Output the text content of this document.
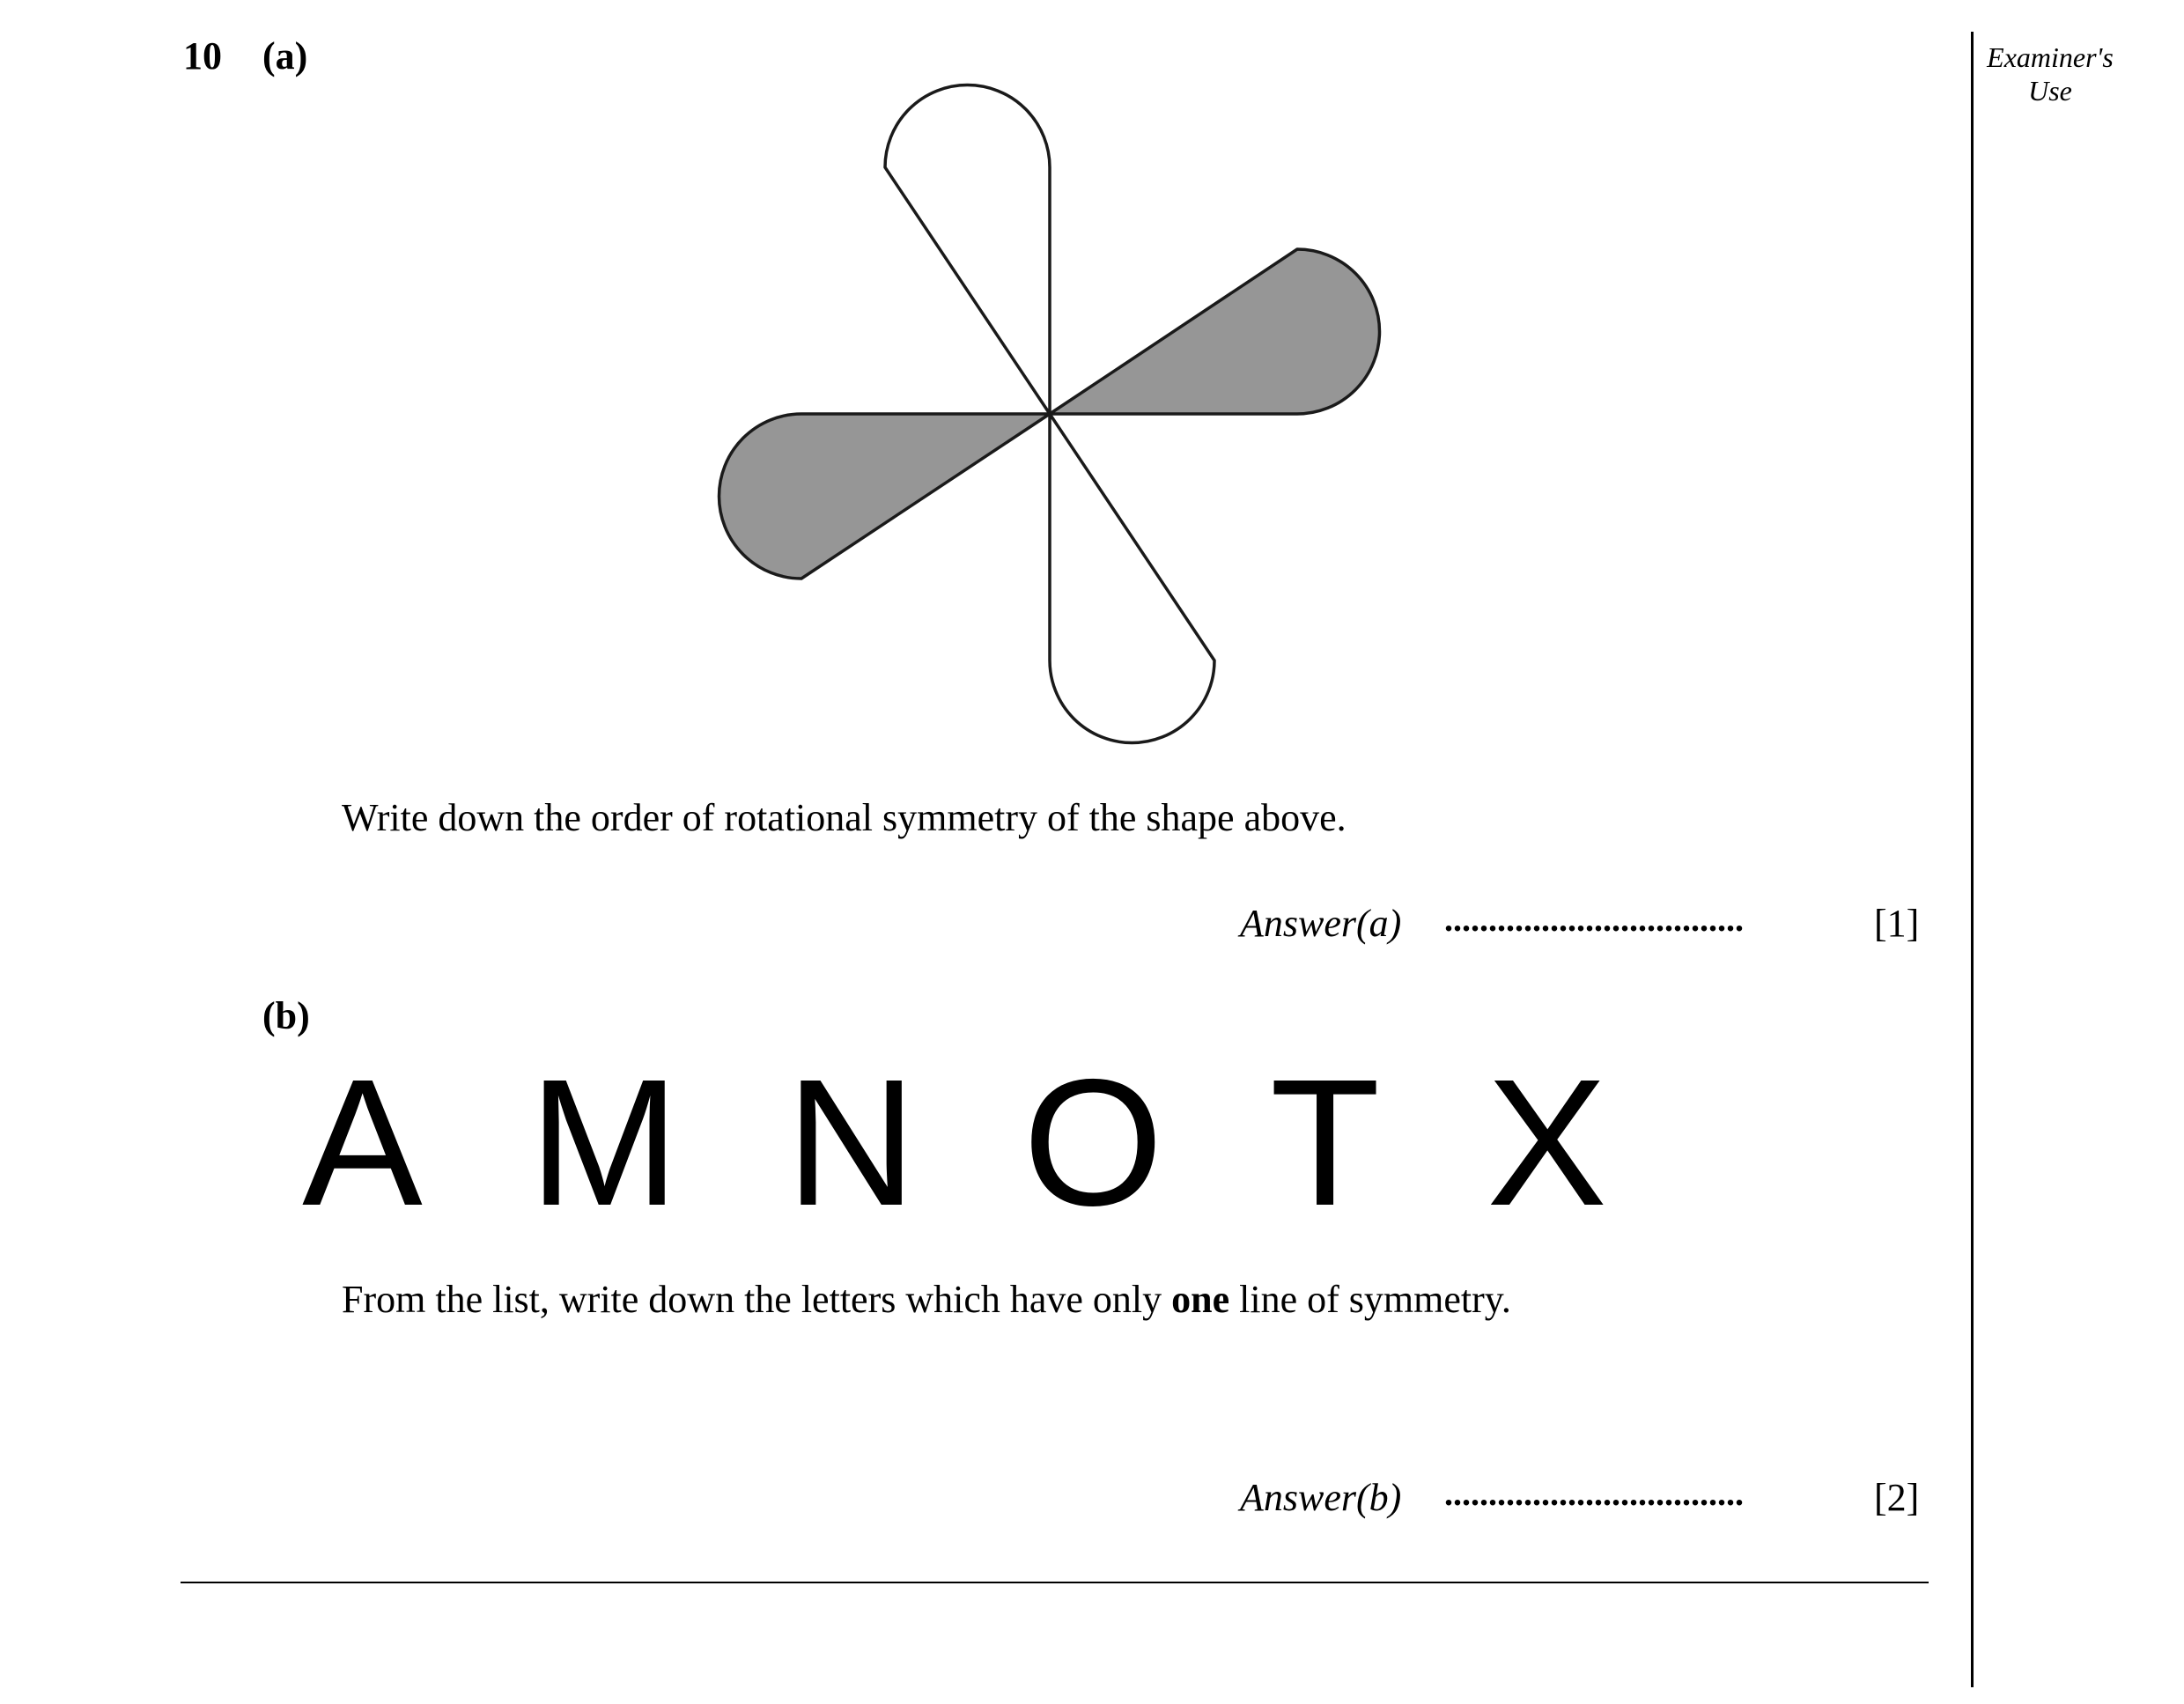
10 (a)	Examiner's Use
Write down the order of rotational symmetry of the shape above.
Answer(a) ..................................	[1]
(b)
A M N O T X
From the list, write down the letters which have only one line of symmetry.
Answer(b) ..................................	[2]
